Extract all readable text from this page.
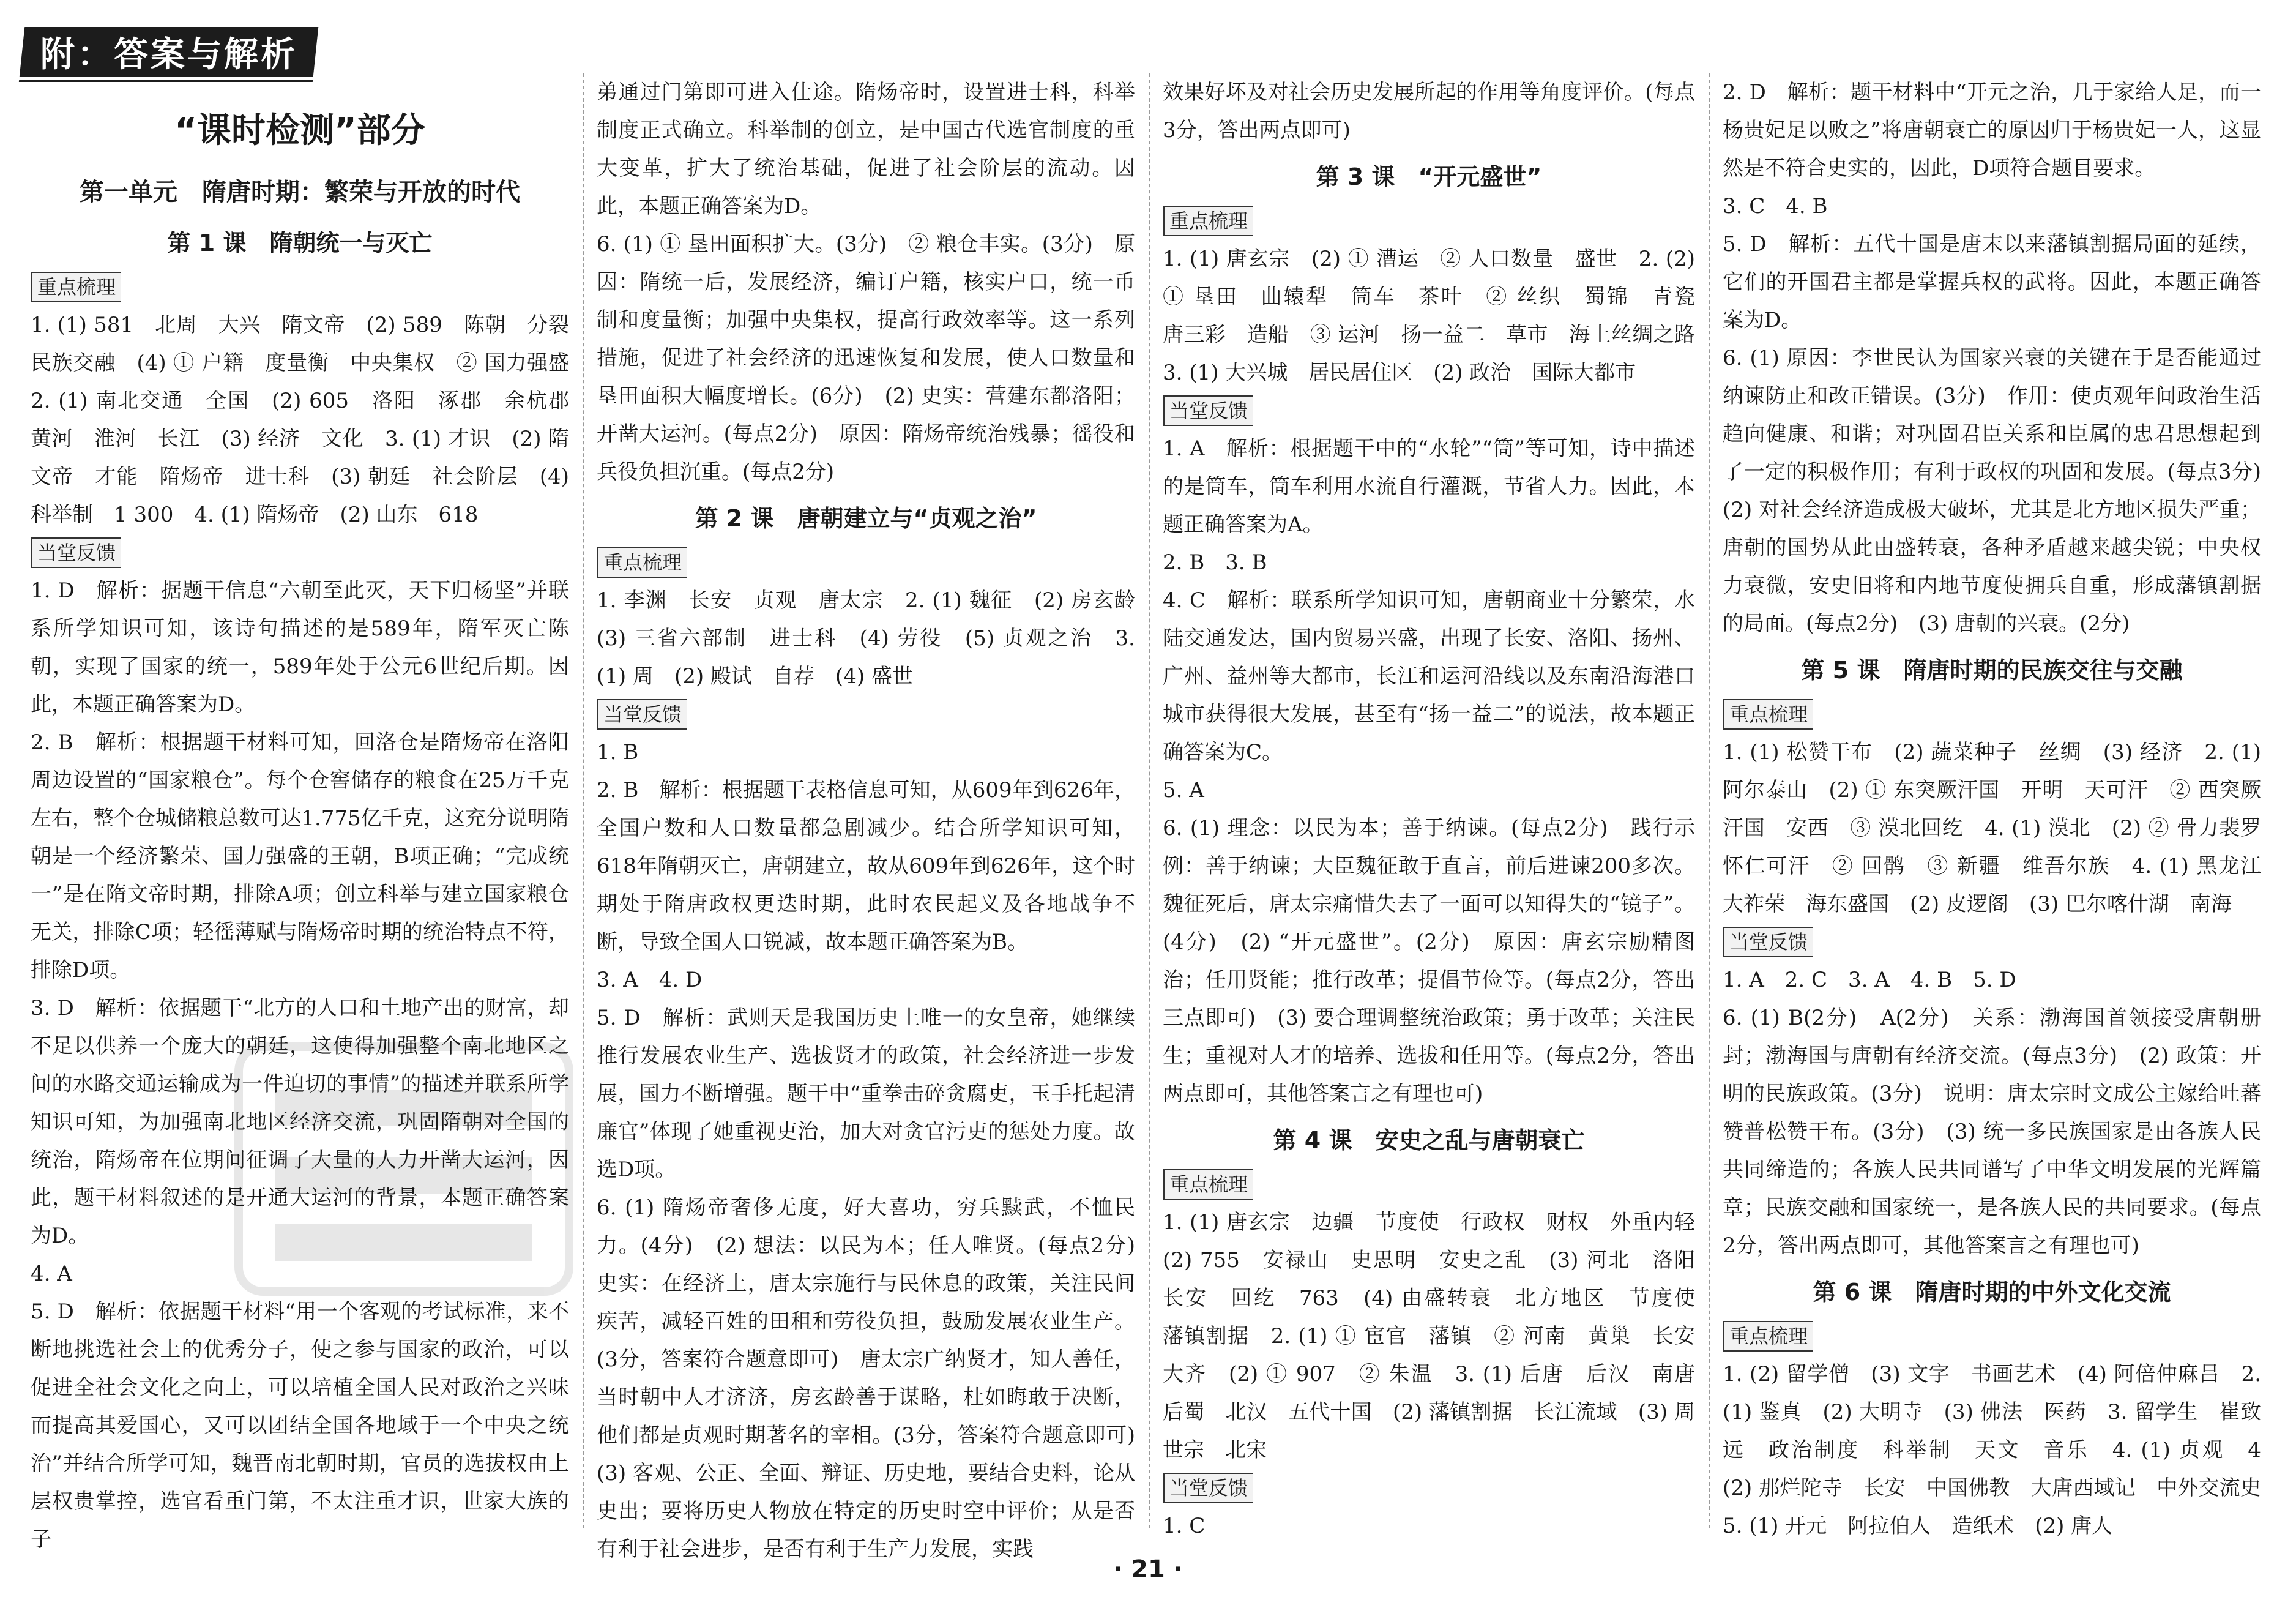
附：答案与解析
“课时检测”部分
第一单元　隋唐时期：繁荣与开放的时代
第 1 课　隋朝统一与灭亡
重点梳理

1. (1) 581　北周　大兴　隋文帝　(2) 589　陈朝　分裂　民族交融　(4) ① 户籍　度量衡　中央集权　② 国力强盛　2. (1) 南北交通　全国　(2) 605　洛阳　涿郡　余杭郡　黄河　淮河　长江　(3) 经济　文化　3. (1) 才识　(2) 隋文帝　才能　隋炀帝　进士科　(3) 朝廷　社会阶层　(4) 科举制　1 300　4. (1) 隋炀帝　(2) 山东　618

当堂反馈

1. D　解析：据题干信息“六朝至此灭，天下归杨坚”并联系所学知识可知，该诗句描述的是589年，隋军灭亡陈朝，实现了国家的统一，589年处于公元6世纪后期。因此，本题正确答案为D。

2. B　解析：根据题干材料可知，回洛仓是隋炀帝在洛阳周边设置的“国家粮仓”。每个仓窖储存的粮食在25万千克左右，整个仓城储粮总数可达1.775亿千克，这充分说明隋朝是一个经济繁荣、国力强盛的王朝，B项正确；“完成统一”是在隋文帝时期，排除A项；创立科举与建立国家粮仓无关，排除C项；轻徭薄赋与隋炀帝时期的统治特点不符，排除D项。

3. D　解析：依据题干“北方的人口和土地产出的财富，却不足以供养一个庞大的朝廷，这使得加强整个南北地区之间的水路交通运输成为一件迫切的事情”的描述并联系所学知识可知，为加强南北地区经济交流，巩固隋朝对全国的统治，隋炀帝在位期间征调了大量的人力开凿大运河，因此，题干材料叙述的是开通大运河的背景，本题正确答案为D。

4. A

5. D　解析：依据题干材料“用一个客观的考试标准，来不断地挑选社会上的优秀分子，使之参与国家的政治，可以促进全社会文化之向上，可以培植全国人民对政治之兴味而提高其爱国心，又可以团结全国各地域于一个中央之统治”并结合所学可知，魏晋南北朝时期，官员的选拔权由上层权贵掌控，选官看重门第，不太注重才识，世家大族的子

弟通过门第即可进入仕途。隋炀帝时，设置进士科，科举制度正式确立。科举制的创立，是中国古代选官制度的重大变革，扩大了统治基础，促进了社会阶层的流动。因此，本题正确答案为D。

6. (1) ① 垦田面积扩大。(3分)　② 粮仓丰实。(3分)　原因：隋统一后，发展经济，编订户籍，核实户口，统一币制和度量衡；加强中央集权，提高行政效率等。这一系列措施，促进了社会经济的迅速恢复和发展，使人口数量和垦田面积大幅度增长。(6分)　(2) 史实：营建东都洛阳；开凿大运河。(每点2分)　原因：隋炀帝统治残暴；徭役和兵役负担沉重。(每点2分)

第 2 课　唐朝建立与“贞观之治”
重点梳理

1. 李渊　长安　贞观　唐太宗　2. (1) 魏征　(2) 房玄龄　(3) 三省六部制　进士科　(4) 劳役　(5) 贞观之治　3. (1) 周　(2) 殿试　自荐　(4) 盛世

当堂反馈

1. B

2. B　解析：根据题干表格信息可知，从609年到626年，全国户数和人口数量都急剧减少。结合所学知识可知，618年隋朝灭亡，唐朝建立，故从609年到626年，这个时期处于隋唐政权更迭时期，此时农民起义及各地战争不断，导致全国人口锐减，故本题正确答案为B。

3. A　4. D

5. D　解析：武则天是我国历史上唯一的女皇帝，她继续推行发展农业生产、选拔贤才的政策，社会经济进一步发展，国力不断增强。题干中“重拳击碎贪腐吏，玉手托起清廉官”体现了她重视吏治，加大对贪官污吏的惩处力度。故选D项。

6. (1) 隋炀帝奢侈无度，好大喜功，穷兵黩武，不恤民力。(4分)　(2) 想法：以民为本；任人唯贤。(每点2分)　史实：在经济上，唐太宗施行与民休息的政策，关注民间疾苦，减轻百姓的田租和劳役负担，鼓励发展农业生产。(3分，答案符合题意即可)　唐太宗广纳贤才，知人善任，当时朝中人才济济，房玄龄善于谋略，杜如晦敢于决断，他们都是贞观时期著名的宰相。(3分，答案符合题意即可)　(3) 客观、公正、全面、辩证、历史地，要结合史料，论从史出；要将历史人物放在特定的历史时空中评价；从是否有利于社会进步，是否有利于生产力发展，实践

效果好坏及对社会历史发展所起的作用等角度评价。(每点3分，答出两点即可)

第 3 课　“开元盛世”
重点梳理

1. (1) 唐玄宗　(2) ① 漕运　② 人口数量　盛世　2. (2) ① 垦田　曲辕犁　筒车　茶叶　② 丝织　蜀锦　青瓷　唐三彩　造船　③ 运河　扬一益二　草市　海上丝绸之路　3. (1) 大兴城　居民居住区　(2) 政治　国际大都市

当堂反馈

1. A　解析：根据题干中的“水轮”“筒”等可知，诗中描述的是筒车，筒车利用水流自行灌溉，节省人力。因此，本题正确答案为A。

2. B　3. B

4. C　解析：联系所学知识可知，唐朝商业十分繁荣，水陆交通发达，国内贸易兴盛，出现了长安、洛阳、扬州、广州、益州等大都市，长江和运河沿线以及东南沿海港口城市获得很大发展，甚至有“扬一益二”的说法，故本题正确答案为C。

5. A

6. (1) 理念：以民为本；善于纳谏。(每点2分)　践行示例：善于纳谏；大臣魏征敢于直言，前后进谏200多次。魏征死后，唐太宗痛惜失去了一面可以知得失的“镜子”。(4分)　(2) “开元盛世”。(2分)　原因：唐玄宗励精图治；任用贤能；推行改革；提倡节俭等。(每点2分，答出三点即可)　(3) 要合理调整统治政策；勇于改革；关注民生；重视对人才的培养、选拔和任用等。(每点2分，答出两点即可，其他答案言之有理也可)

第 4 课　安史之乱与唐朝衰亡
重点梳理

1. (1) 唐玄宗　边疆　节度使　行政权　财权　外重内轻　(2) 755　安禄山　史思明　安史之乱　(3) 河北　洛阳　长安　回纥　763　(4) 由盛转衰　北方地区　节度使　藩镇割据　2. (1) ① 宦官　藩镇　② 河南　黄巢　长安　大齐　(2) ① 907　② 朱温　3. (1) 后唐　后汉　南唐　后蜀　北汉　五代十国　(2) 藩镇割据　长江流域　(3) 周世宗　北宋

当堂反馈

1. C

2. D　解析：题干材料中“开元之治，几于家给人足，而一杨贵妃足以败之”将唐朝衰亡的原因归于杨贵妃一人，这显然是不符合史实的，因此，D项符合题目要求。

3. C　4. B

5. D　解析：五代十国是唐末以来藩镇割据局面的延续，它们的开国君主都是掌握兵权的武将。因此，本题正确答案为D。

6. (1) 原因：李世民认为国家兴衰的关键在于是否能通过纳谏防止和改正错误。(3分)　作用：使贞观年间政治生活趋向健康、和谐；对巩固君臣关系和臣属的忠君思想起到了一定的积极作用；有利于政权的巩固和发展。(每点3分)　(2) 对社会经济造成极大破坏，尤其是北方地区损失严重；唐朝的国势从此由盛转衰，各种矛盾越来越尖锐；中央权力衰微，安史旧将和内地节度使拥兵自重，形成藩镇割据的局面。(每点2分)　(3) 唐朝的兴衰。(2分)

第 5 课　隋唐时期的民族交往与交融
重点梳理

1. (1) 松赞干布　(2) 蔬菜种子　丝绸　(3) 经济　2. (1) 阿尔泰山　(2) ① 东突厥汗国　开明　天可汗　② 西突厥汗国　安西　③ 漠北回纥　4. (1) 漠北　(2) ② 骨力裴罗　怀仁可汗　② 回鹘　③ 新疆　维吾尔族　4. (1) 黑龙江　大祚荣　海东盛国　(2) 皮逻阁　(3) 巴尔喀什湖　南海

当堂反馈

1. A　2. C　3. A　4. B　5. D

6. (1) B(2分)　A(2分)　关系：渤海国首领接受唐朝册封；渤海国与唐朝有经济交流。(每点3分)　(2) 政策：开明的民族政策。(3分)　说明：唐太宗时文成公主嫁给吐蕃赞普松赞干布。(3分)　(3) 统一多民族国家是由各族人民共同缔造的；各族人民共同谱写了中华文明发展的光辉篇章；民族交融和国家统一，是各族人民的共同要求。(每点2分，答出两点即可，其他答案言之有理也可)

第 6 课　隋唐时期的中外文化交流
重点梳理

1. (2) 留学僧　(3) 文字　书画艺术　(4) 阿倍仲麻吕　2. (1) 鉴真　(2) 大明寺　(3) 佛法　医药　3. 留学生　崔致远　政治制度　科举制　天文　音乐　4. (1) 贞观　4　(2) 那烂陀寺　长安　中国佛教　大唐西域记　中外交流史　5. (1) 开元　阿拉伯人　造纸术　(2) 唐人

· 21 ·
